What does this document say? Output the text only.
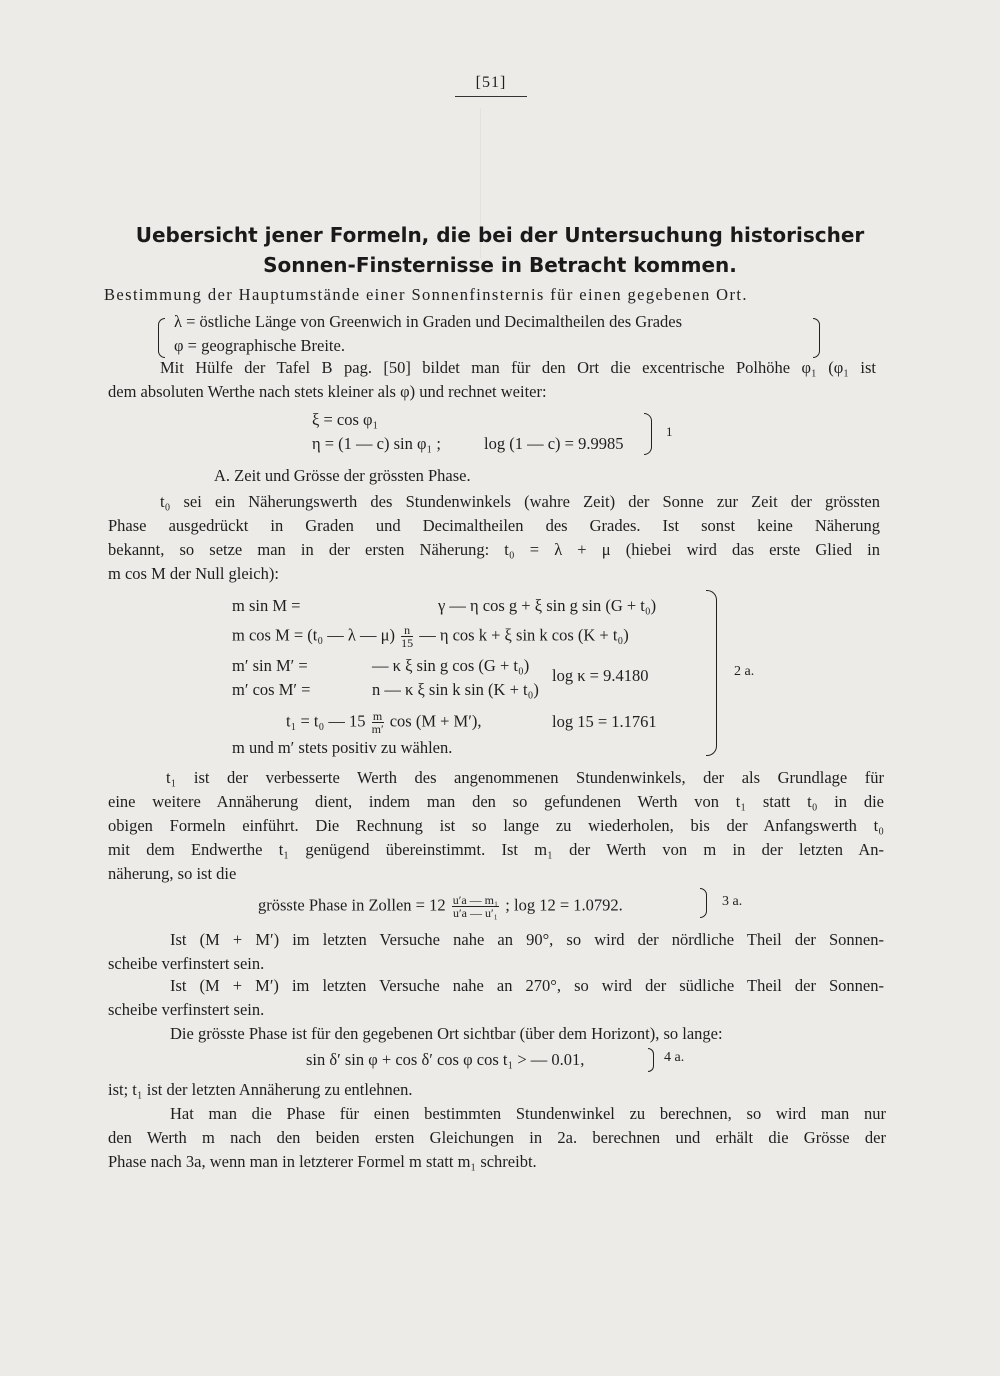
[51]
Uebersicht jener Formeln, die bei der Untersuchung historischer Sonnen-Finsternisse in Betracht kommen.
Bestimmung der Hauptumstände einer Sonnenfinsternis für einen gegebenen Ort.
λ = östliche Länge von Greenwich in Graden und Decimaltheilen des Grades
φ = geographische Breite.
Mit Hülfe der Tafel B pag. [50] bildet man für den Ort die excentrische Polhöhe φ₁ (φ₁ ist
dem absoluten Werthe nach stets kleiner als φ) und rechnet weiter:
ξ = cos φ₁
η = (1 — c) sin φ₁ ;	log (1 — c) = 9.9985
1
A. Zeit und Grösse der grössten Phase.
t₀ sei ein Näherungswerth des Stundenwinkels (wahre Zeit) der Sonne zur Zeit der grössten
Phase ausgedrückt in Graden und Decimaltheilen des Grades. Ist sonst keine Näherung
bekannt, so setze man in der ersten Näherung: t₀ = λ + μ (hiebei wird das erste Glied in
m cos M der Null gleich):
m sin M =	γ — η cos g + ξ sin g sin (G + t₀)
m cos M = (t₀ — λ — $\mu) \frac{n}{15}$ — η cos k + ξ sin k cos (K + t₀)
m′ sin M′ =	— κ ξ sin g cos (G + t₀)
m′ cos M′ =	n — κ ξ sin k sin (K + t₀)
log κ = 9.4180
t₁ = t₀ — $15 \frac{m}{m'}$ cos (M + M′),	log 15 = 1.1761
m und m′ stets positiv zu wählen.
2 a.
t₁ ist der verbesserte Werth des angenommenen Stundenwinkels, der als Grundlage für
eine weitere Annäherung dient, indem man den so gefundenen Werth von t₁ statt t₀ in die
obigen Formeln einführt. Die Rechnung ist so lange zu wiederholen, bis der Anfangswerth t₀
mit dem Endwerthe t₁ genügend übereinstimmt. Ist m₁ der Werth von m in der letzten An-
näherung, so ist die
grösste Phase in Zollen = $12 \frac{\text{u′a — m₁}}{\text{u′a — u′₁}}$ ; log 12 = 1.0792.	3 a.
Ist (M + M′) im letzten Versuche nahe an 90°, so wird der nördliche Theil der Sonnen-
scheibe verfinstert sein.
Ist (M + M′) im letzten Versuche nahe an 270°, so wird der südliche Theil der Sonnen-
scheibe verfinstert sein.
Die grösste Phase ist für den gegebenen Ort sichtbar (über dem Horizont), so lange:
sin δ′ sin φ + cos δ′ cos φ cos t₁ > — 0.01,	4 a.
ist; t₁ ist der letzten Annäherung zu entlehnen.
Hat man die Phase für einen bestimmten Stundenwinkel zu berechnen, so wird man nur
den Werth m nach den beiden ersten Gleichungen in 2a. berechnen und erhält die Grösse der
Phase nach 3a, wenn man in letzterer Formel m statt m₁ schreibt.
